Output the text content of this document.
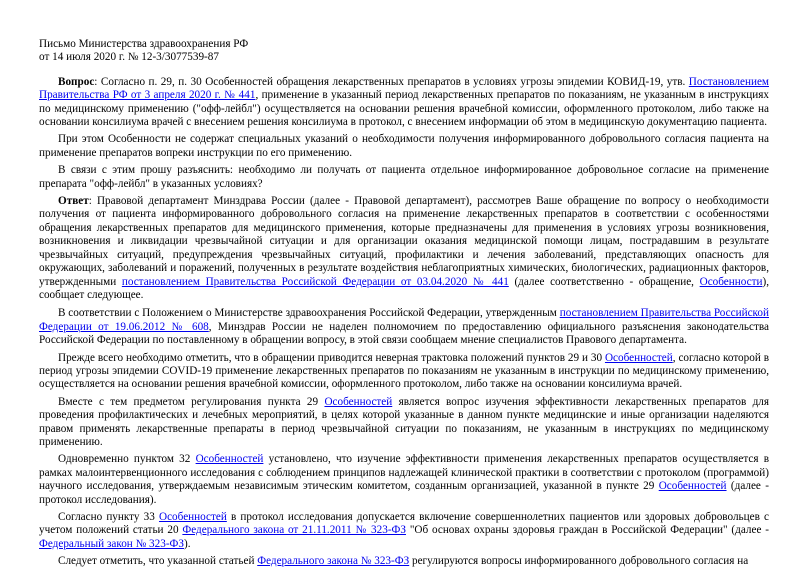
Письмо Министерства здравоохранения РФ
от 14 июля 2020 г. № 12-3/3077539-87

Вопрос: Согласно п. 29, п. 30 Особенностей обращения лекарственных препаратов в условиях угрозы эпидемии КОВИД-19, утв. Постановлением Правительства РФ от 3 апреля 2020 г. № 441, применение в указанный период лекарственных препаратов по показаниям, не указанным в инструкциях по медицинскому применению ("офф-лейбл") осуществляется на основании решения врачебной комиссии, оформленного протоколом, либо также на основании консилиума врачей с внесением решения консилиума в протокол, с внесением информации об этом в медицинскую документацию пациента.

При этом Особенности не содержат специальных указаний о необходимости получения информированного добровольного согласия пациента на применение препаратов вопреки инструкции по его применению.

В связи с этим прошу разъяснить: необходимо ли получать от пациента отдельное информированное добровольное согласие на применение препарата "офф-лейбл" в указанных условиях?

Ответ: Правовой департамент Минздрава России (далее - Правовой департамент), рассмотрев Ваше обращение по вопросу о необходимости получения от пациента информированного добровольного согласия на применение лекарственных препаратов в соответствии с особенностями обращения лекарственных препаратов для медицинского применения, которые предназначены для применения в условиях угрозы возникновения, возникновения и ликвидации чрезвычайной ситуации и для организации оказания медицинской помощи лицам, пострадавшим в результате чрезвычайных ситуаций, предупреждения чрезвычайных ситуаций, профилактики и лечения заболеваний, представляющих опасность для окружающих, заболеваний и поражений, полученных в результате воздействия неблагоприятных химических, биологических, радиационных факторов, утвержденными постановлением Правительства Российской Федерации от 03.04.2020 № 441 (далее соответственно - обращение, Особенности), сообщает следующее.

В соответствии с Положением о Министерстве здравоохранения Российской Федерации, утвержденным постановлением Правительства Российской Федерации от 19.06.2012 № 608, Минздрав России не наделен полномочием по предоставлению официального разъяснения законодательства Российской Федерации по поставленному в обращении вопросу, в этой связи сообщаем мнение специалистов Правового департамента.

Прежде всего необходимо отметить, что в обращении приводится неверная трактовка положений пунктов 29 и 30 Особенностей, согласно которой в период угрозы эпидемии COVID-19 применение лекарственных препаратов по показаниям не указанным в инструкции по медицинскому применению, осуществляется на основании решения врачебной комиссии, оформленного протоколом, либо также на основании консилиума врачей.

Вместе с тем предметом регулирования пункта 29 Особенностей является вопрос изучения эффективности лекарственных препаратов для проведения профилактических и лечебных мероприятий, в целях которой указанные в данном пункте медицинские и иные организации наделяются правом применять лекарственные препараты в период чрезвычайной ситуации по показаниям, не указанным в инструкциях по медицинскому применению.

Одновременно пунктом 32 Особенностей установлено, что изучение эффективности применения лекарственных препаратов осуществляется в рамках малоинтервенционного исследования с соблюдением принципов надлежащей клинической практики в соответствии с протоколом (программой) научного исследования, утверждаемым независимым этическим комитетом, созданным организацией, указанной в пункте 29 Особенностей (далее - протокол исследования).

Согласно пункту 33 Особенностей в протокол исследования допускается включение совершеннолетних пациентов или здоровых добровольцев с учетом положений статьи 20 Федерального закона от 21.11.2011 № 323-ФЗ "Об основах охраны здоровья граждан в Российской Федерации" (далее - Федеральный закон № 323-ФЗ).

Следует отметить, что указанной статьей Федерального закона № 323-ФЗ регулируются вопросы информированного добровольного согласия на
